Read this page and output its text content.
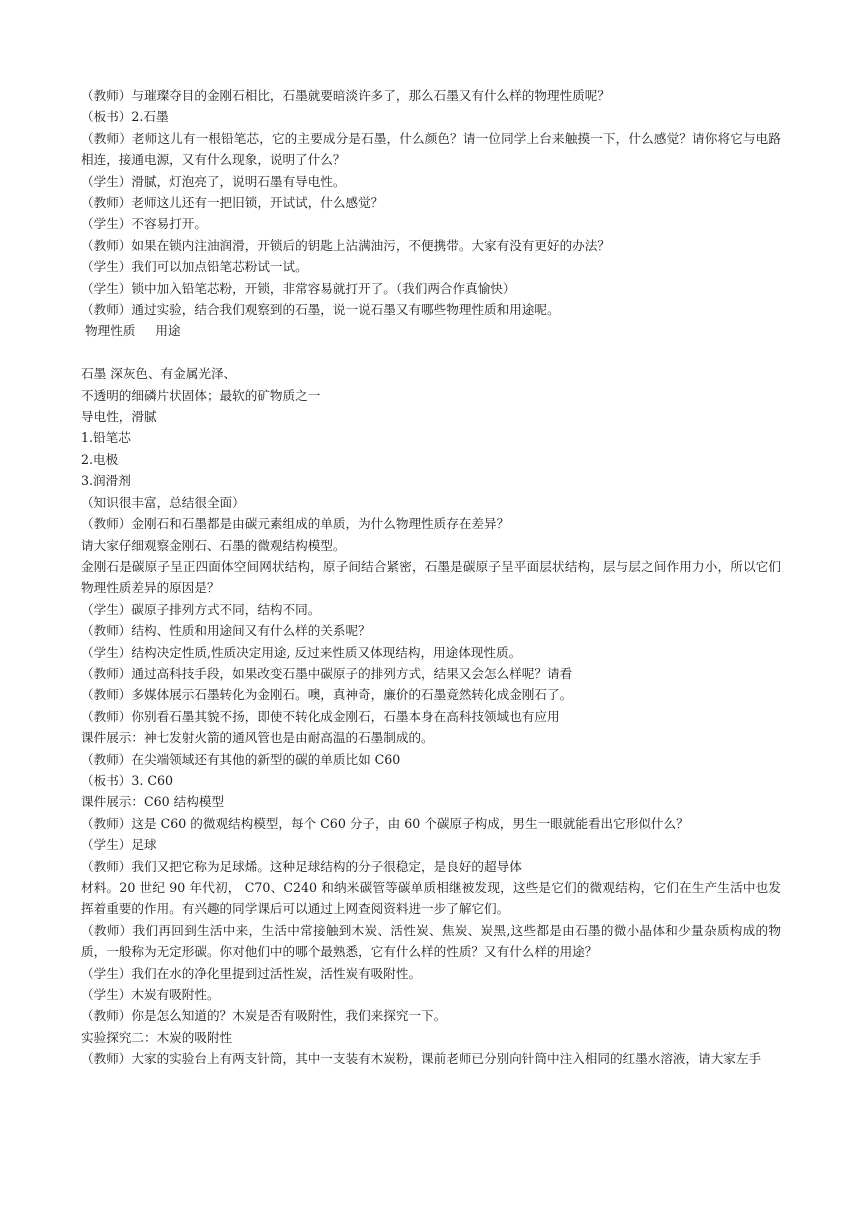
（教师）与璀璨夺目的金刚石相比，石墨就要暗淡许多了，那么石墨又有什么样的物理性质呢？

（板书）2.石墨

（教师）老师这儿有一根铅笔芯，它的主要成分是石墨，什么颜色？请一位同学上台来触摸一下，什么感觉？请你将它与电路相连，接通电源，又有什么现象，说明了什么？

（学生）滑腻，灯泡亮了，说明石墨有导电性。

（教师）老师这儿还有一把旧锁，开试试，什么感觉？

（学生）不容易打开。

（教师）如果在锁内注油润滑，开锁后的钥匙上沾满油污，不便携带。大家有没有更好的办法？

（学生）我们可以加点铅笔芯粉试一试。

（学生）锁中加入铅笔芯粉，开锁，非常容易就打开了。（我们两合作真愉快）

（教师）通过实验，结合我们观察到的石墨，说一说石墨又有哪些物理性质和用途呢。

物理性质 用途

石墨 深灰色、有金属光泽、

不透明的细磷片状固体；最软的矿物质之一

导电性，滑腻

1.铅笔芯

2.电极

3.润滑剂

（知识很丰富，总结很全面）

（教师）金刚石和石墨都是由碳元素组成的单质，为什么物理性质存在差异？

请大家仔细观察金刚石、石墨的微观结构模型。

金刚石是碳原子呈正四面体空间网状结构，原子间结合紧密，石墨是碳原子呈平面层状结构，层与层之间作用力小，所以它们物理性质差异的原因是？

（学生）碳原子排列方式不同，结构不同。

（教师）结构、性质和用途间又有什么样的关系呢？

（学生）结构决定性质,性质决定用途, 反过来性质又体现结构，用途体现性质。

（教师）通过高科技手段，如果改变石墨中碳原子的排列方式，结果又会怎么样呢？请看

（教师）多媒体展示石墨转化为金刚石。噢，真神奇，廉价的石墨竟然转化成金刚石了。

（教师）你别看石墨其貌不扬，即使不转化成金刚石，石墨本身在高科技领域也有应用

课件展示：神七发射火箭的通风管也是由耐高温的石墨制成的。

（教师）在尖端领域还有其他的新型的碳的单质比如 C60

（板书）3. C60

课件展示：C60 结构模型

（教师）这是 C60 的微观结构模型，每个 C60 分子，由 60 个碳原子构成，男生一眼就能看出它形似什么？

（学生）足球

（教师）我们又把它称为足球烯。这种足球结构的分子很稳定，是良好的超导体

材料。20 世纪 90 年代初， C70、C240 和纳米碳管等碳单质相继被发现，这些是它们的微观结构，它们在生产生活中也发挥着重要的作用。有兴趣的同学课后可以通过上网查阅资料进一步了解它们。

（教师）我们再回到生活中来，生活中常接触到木炭、活性炭、焦炭、炭黑,这些都是由石墨的微小晶体和少量杂质构成的物质，一般称为无定形碳。你对他们中的哪个最熟悉，它有什么样的性质？又有什么样的用途？

（学生）我们在水的净化里提到过活性炭，活性炭有吸附性。

（学生）木炭有吸附性。

（教师）你是怎么知道的？木炭是否有吸附性，我们来探究一下。

实验探究二：木炭的吸附性

（教师）大家的实验台上有两支针筒，其中一支装有木炭粉，课前老师已分别向针筒中注入相同的红墨水溶液，请大家左手
